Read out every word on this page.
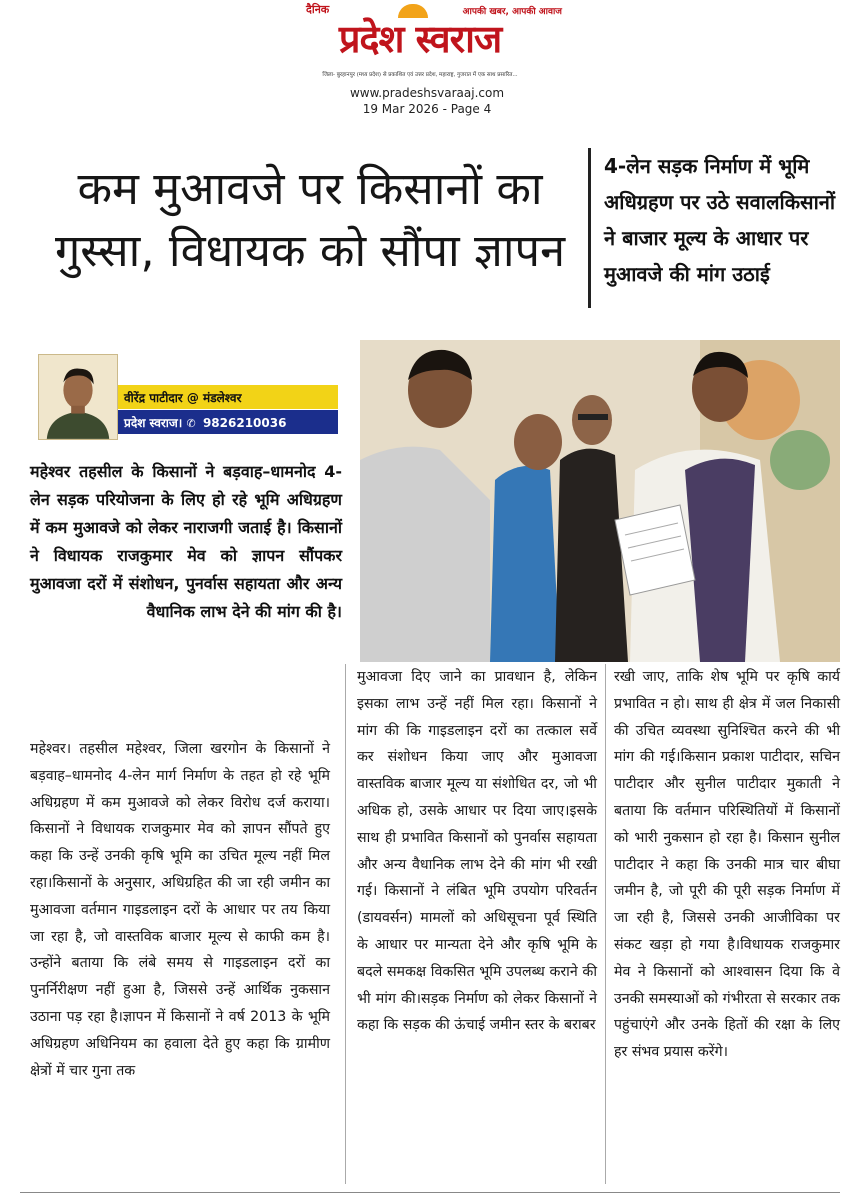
दैनिक	आपकी खबर, आपकी आवाज
प्रदेश स्वराज
जिला- बुरहानपुर (मध्य प्रदेश) से प्रकाशित एवं उत्तर प्रदेश, महाराष्ट्र, गुजरात में एक साथ प्रसारित...
www.pradeshsvaraaj.com
19 Mar 2026 - Page 4
कम मुआवजे पर किसानों का गुस्सा, विधायक को सौंपा ज्ञापन
4-लेन सड़क निर्माण में भूमि अधिग्रहण पर उठे सवालकिसानों ने बाजार मूल्य के आधार पर मुआवजे की मांग उठाई
वीरेंद्र पाटीदार @ मंडलेश्वर
प्रदेश स्वराज। ✆ 9826210036

महेश्वर तहसील के किसानों ने बड़वाह–धामनोद 4-लेन सड़क परियोजना के लिए हो रहे भूमि अधिग्रहण में कम मुआवजे को लेकर नाराजगी जताई है। किसानों ने विधायक राजकुमार मेव को ज्ञापन सौंपकर मुआवजा दरों में संशोधन, पुनर्वास सहायता और अन्य वैधानिक लाभ देने की मांग की है।

महेश्वर। तहसील महेश्वर, जिला खरगोन के किसानों ने बड़वाह–धामनोद 4-लेन मार्ग निर्माण के तहत हो रहे भूमि अधिग्रहण में कम मुआवजे को लेकर विरोध दर्ज कराया। किसानों ने विधायक राजकुमार मेव को ज्ञापन सौंपते हुए कहा कि उन्हें उनकी कृषि भूमि का उचित मूल्य नहीं मिल रहा।किसानों के अनुसार, अधिग्रहित की जा रही जमीन का मुआवजा वर्तमान गाइडलाइन दरों के आधार पर तय किया जा रहा है, जो वास्तविक बाजार मूल्य से काफी कम है। उन्होंने बताया कि लंबे समय से गाइडलाइन दरों का पुनर्निरीक्षण नहीं हुआ है, जिससे उन्हें आर्थिक नुकसान उठाना पड़ रहा है।ज्ञापन में किसानों ने वर्ष 2013 के भूमि अधिग्रहण अधिनियम का हवाला देते हुए कहा कि ग्रामीण क्षेत्रों में चार गुना तक

मुआवजा दिए जाने का प्रावधान है, लेकिन इसका लाभ उन्हें नहीं मिल रहा। किसानों ने मांग की कि गाइडलाइन दरों का तत्काल सर्वे कर संशोधन किया जाए और मुआवजा वास्तविक बाजार मूल्य या संशोधित दर, जो भी अधिक हो, उसके आधार पर दिया जाए।इसके साथ ही प्रभावित किसानों को पुनर्वास सहायता और अन्य वैधानिक लाभ देने की मांग भी रखी गई। किसानों ने लंबित भूमि उपयोग परिवर्तन (डायवर्सन) मामलों को अधिसूचना पूर्व स्थिति के आधार पर मान्यता देने और कृषि भूमि के बदले समकक्ष विकसित भूमि उपलब्ध कराने की भी मांग की।सड़क निर्माण को लेकर किसानों ने कहा कि सड़क की ऊंचाई जमीन स्तर के बराबर

रखी जाए, ताकि शेष भूमि पर कृषि कार्य प्रभावित न हो। साथ ही क्षेत्र में जल निकासी की उचित व्यवस्था सुनिश्चित करने की भी मांग की गई।किसान प्रकाश पाटीदार, सचिन पाटीदार और सुनील पाटीदार मुकाती ने बताया कि वर्तमान परिस्थितियों में किसानों को भारी नुकसान हो रहा है। किसान सुनील पाटीदार ने कहा कि उनकी मात्र चार बीघा जमीन है, जो पूरी की पूरी सड़क निर्माण में जा रही है, जिससे उनकी आजीविका पर संकट खड़ा हो गया है।विधायक राजकुमार मेव ने किसानों को आश्वासन दिया कि वे उनकी समस्याओं को गंभीरता से सरकार तक पहुंचाएंगे और उनके हितों की रक्षा के लिए हर संभव प्रयास करेंगे।
